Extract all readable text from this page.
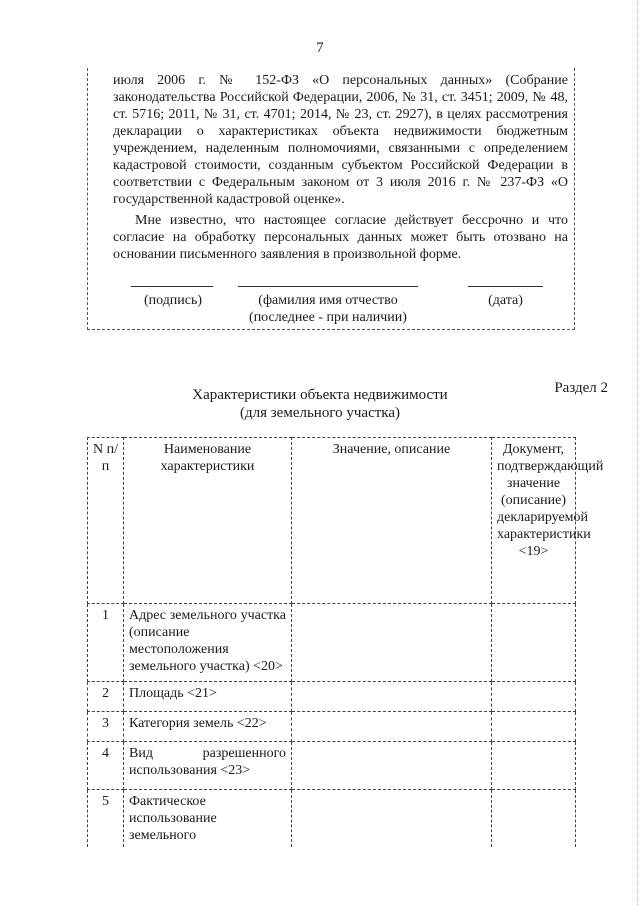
7

июля 2006 г. № 152-ФЗ «О персональных данных» (Собрание законодательства Российской Федерации, 2006, № 31, ст. 3451; 2009, № 48, ст. 5716; 2011, № 31, ст. 4701; 2014, № 23, ст. 2927), в целях рассмотрения декларации о характеристиках объекта недвижимости бюджетным учреждением, наделенным полномочиями, связанными с определением кадастровой стоимости, созданным субъектом Российской Федерации в соответствии с Федеральным законом от 3 июля 2016 г. № 237-ФЗ «О государственной кадастровой оценке».

Мне известно, что настоящее согласие действует бессрочно и что согласие на обработку персональных данных может быть отозвано на основании письменного заявления в произвольной форме.

(подпись)	(фамилия имя отчество
(последнее - при наличии)
(дата)
Раздел 2
Характеристики объекта недвижимости
(для земельного участка)
N п/п	Наименование характеристики	Значение, описание	Документ, подтверждающий значение (описание) декларируемой характеристики <19>
1	Адрес земельного участка (описание местоположения земельного участка) <20>		
2	Площадь <21>		
3	Категория земель <22>		
4	Вид разрешенного использования <23>		
5	Фактическое использование земельного		
